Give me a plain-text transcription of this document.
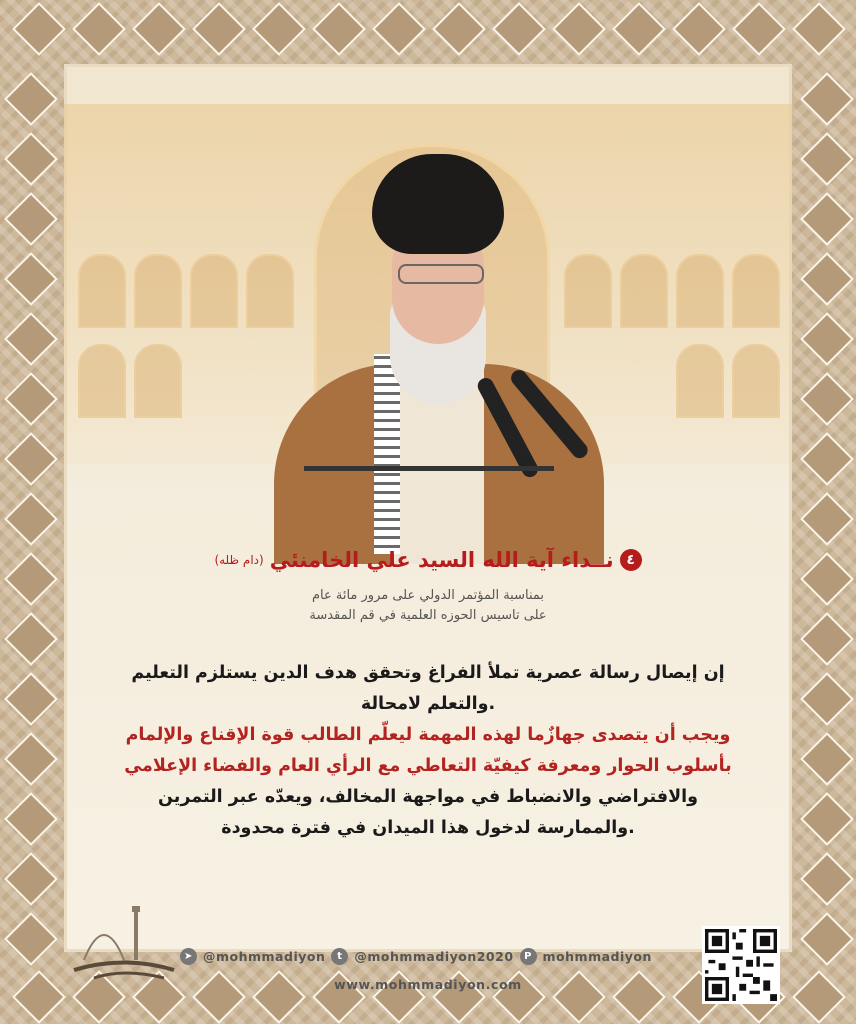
٤
نــداء آية الله السيد علي الخامنئي
(دام ظله)
بمناسبة المؤتمر الدولي على مرور مائة عام
على تاسيس الحوزه العلمية في قم المقدسة
إن إيصال رسالة عصرية تملأ الفراغ وتحقق هدف الدين يستلزم التعليم
.والتعلم لامحالة
ويجب أن يتصدى جهازٌما لهذه المهمة ليعلّم الطالب قوة الإقناع والإلمام
بأسلوب الحوار ومعرفة كيفيّة التعاطي مع الرأي العام والفضاء الإعلامي
والافتراضي والانضباط في مواجهة المخالف، ويعدّه عبر التمرين
.والممارسة لدخول هذا الميدان في فترة محدودة
➤ @mohmmadiyon	t @mohmmadiyon2020	P mohmmadiyon
www.mohmmadiyon.com
